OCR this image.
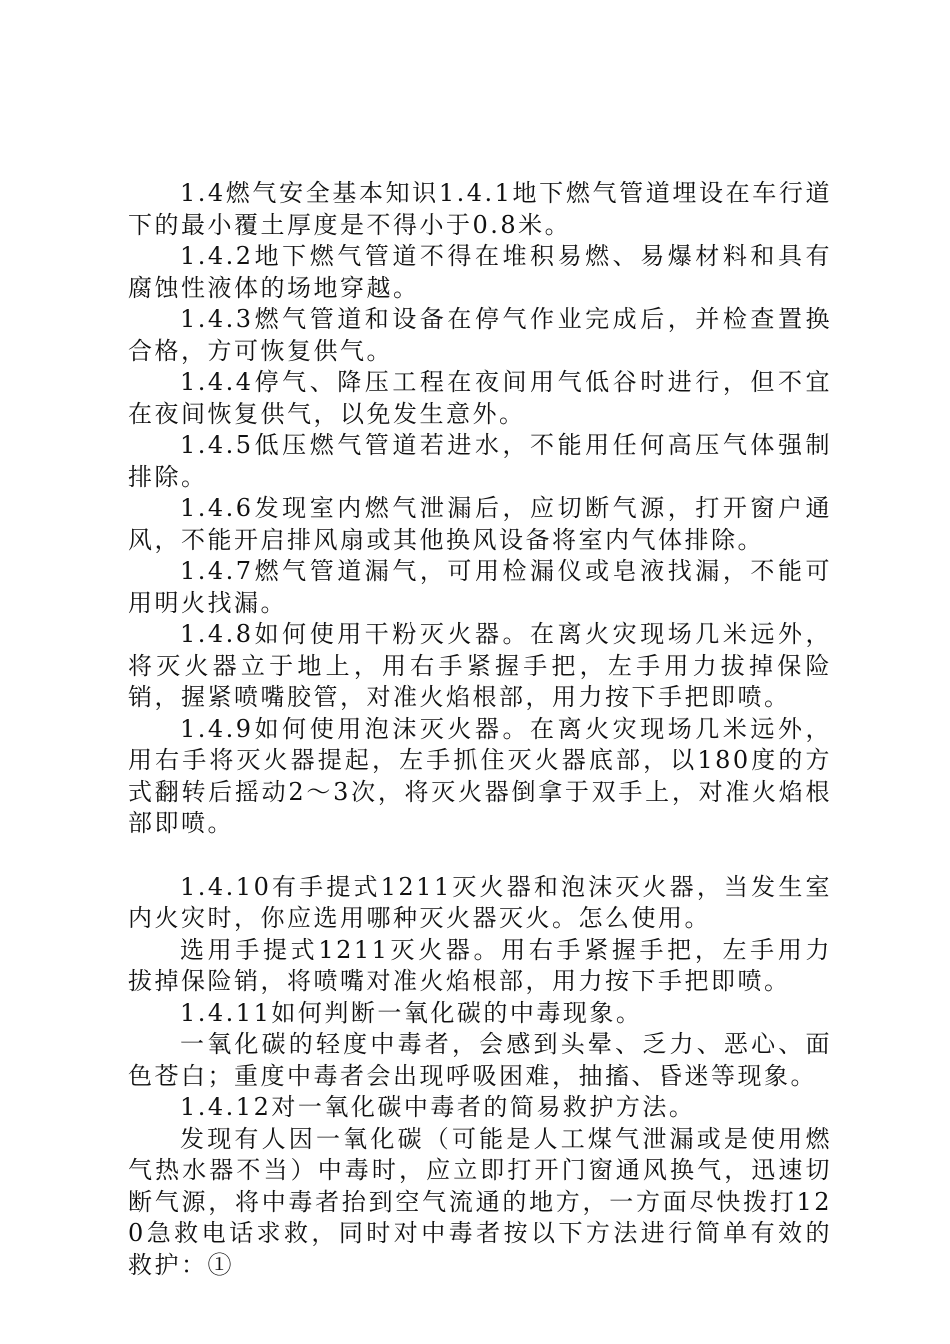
1.4燃气安全基本知识1.4.1地下燃气管道埋设在车行道下的最小覆土厚度是不得小于0.8米。

1.4.2地下燃气管道不得在堆积易燃、易爆材料和具有腐蚀性液体的场地穿越。

1.4.3燃气管道和设备在停气作业完成后，并检查置换合格，方可恢复供气。

1.4.4停气、降压工程在夜间用气低谷时进行，但不宜在夜间恢复供气，以免发生意外。

1.4.5低压燃气管道若进水，不能用任何高压气体强制排除。

1.4.6发现室内燃气泄漏后，应切断气源，打开窗户通风，不能开启排风扇或其他换风设备将室内气体排除。

1.4.7燃气管道漏气，可用检漏仪或皂液找漏，不能可用明火找漏。

1.4.8如何使用干粉灭火器。在离火灾现场几米远外，将灭火器立于地上，用右手紧握手把，左手用力拔掉保险销，握紧喷嘴胶管，对准火焰根部，用力按下手把即喷。

1.4.9如何使用泡沫灭火器。在离火灾现场几米远外，用右手将灭火器提起，左手抓住灭火器底部，以180度的方式翻转后摇动2～3次，将灭火器倒拿于双手上，对准火焰根部即喷。

1.4.10有手提式1211灭火器和泡沫灭火器，当发生室内火灾时，你应选用哪种灭火器灭火。怎么使用。

选用手提式1211灭火器。用右手紧握手把，左手用力拔掉保险销，将喷嘴对准火焰根部，用力按下手把即喷。

1.4.11如何判断一氧化碳的中毒现象。

一氧化碳的轻度中毒者，会感到头晕、乏力、恶心、面色苍白；重度中毒者会出现呼吸困难，抽搐、昏迷等现象。

1.4.12对一氧化碳中毒者的简易救护方法。

发现有人因一氧化碳（可能是人工煤气泄漏或是使用燃气热水器不当）中毒时，应立即打开门窗通风换气，迅速切断气源，将中毒者抬到空气流通的地方，一方面尽快拨打120急救电话求救，同时对中毒者按以下方法进行简单有效的救护：①
